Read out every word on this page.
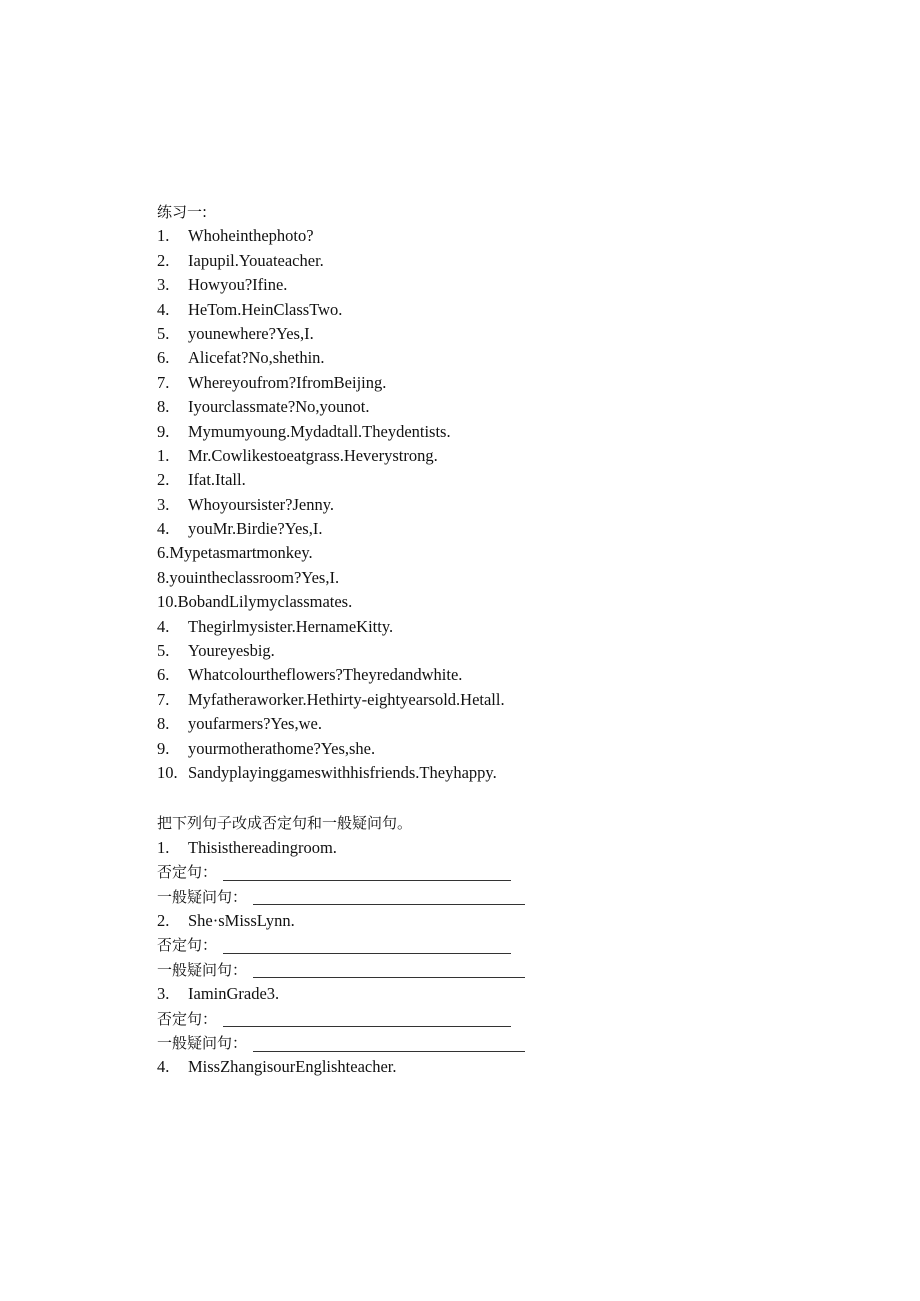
练习一:
1. Whoheinthephoto?
2. Iapupil.Youateacher.
3. Howyou?Ifine.
4. HeTom.HeinClassTwo.
5. younewhere?Yes,I.
6. Alicefat?No,shethin.
7. Whereyoufrom?IfromBeijing.
8. Iyourclassmate?No,younot.
9. Mymumyoung.Mydadtall.Theydentists.
1. Mr.Cowlikestoeatgrass.Heverystrong.
2. Ifat.Itall.
3. Whoyoursister?Jenny.
4. youMr.Birdie?Yes,I.
6.Mypetasmartmonkey.
8.youintheclassroom?Yes,I.
10.BobandLilymyclassmates.
4. Thegirlmysister.HernameKitty.
5. Youreyesbig.
6. Whatcolourtheflowers?Theyredandwhite.
7. Myfatheraworker.Hethirty-eightyearsold.Hetall.
8. youfarmers?Yes,we.
9. yourmotherathome?Yes,she.
10. Sandyplayinggameswithhisfriends.Theyhappy.
把下列句子改成否定句和一般疑问句。
1. Thisisthereadingroom.
否定句：
一般疑问句：
2. She·sMissLynn.
否定句：
一般疑问句：
3. IaminGrade3.
否定句：
一般疑问句：
4. MissZhangisourEnglishteacher.
